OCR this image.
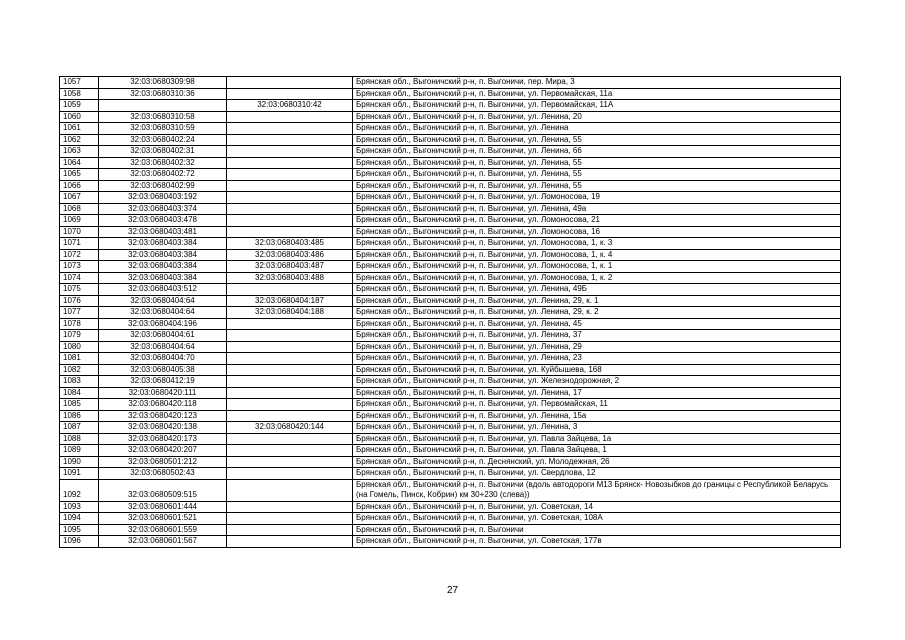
1057	32:03:0680309:98		Брянская обл., Выгоничский р-н, п. Выгоничи, пер. Мира, 3
1058	32:03:0680310:36		Брянская обл., Выгоничский р-н, п. Выгоничи, ул. Первомайская, 11а
1059		32:03:0680310:42	Брянская обл., Выгоничский р-н, п. Выгоничи, ул. Первомайская, 11А
1060	32:03:0680310:58		Брянская обл., Выгоничский р-н, п. Выгоничи, ул. Ленина, 20
1061	32:03:0680310:59		Брянская обл., Выгоничский р-н, п. Выгоничи, ул. Ленина
1062	32:03:0680402:24		Брянская обл., Выгоничский р-н, п. Выгоничи, ул. Ленина, 55
1063	32:03:0680402:31		Брянская обл., Выгоничский р-н, п. Выгоничи, ул. Ленина, 66
1064	32:03:0680402:32		Брянская обл., Выгоничский р-н, п. Выгоничи, ул. Ленина, 55
1065	32:03:0680402:72		Брянская обл., Выгоничский р-н, п. Выгоничи, ул. Ленина, 55
1066	32:03:0680402:99		Брянская обл., Выгоничский р-н, п. Выгоничи, ул. Ленина, 55
1067	32:03:0680403:192		Брянская обл., Выгоничский р-н, п. Выгоничи, ул. Ломоносова, 19
1068	32:03:0680403:374		Брянская обл., Выгоничский р-н, п. Выгоничи, ул. Ленина, 49а
1069	32:03:0680403:478		Брянская обл., Выгоничский р-н, п. Выгоничи, ул. Ломоносова, 21
1070	32:03:0680403:481		Брянская обл., Выгоничский р-н, п. Выгоничи, ул. Ломоносова, 16
1071	32:03:0680403:384	32:03:0680403:485	Брянская обл., Выгоничский р-н, п. Выгоничи, ул. Ломоносова, 1, к. 3
1072	32:03:0680403:384	32:03:0680403:486	Брянская обл., Выгоничский р-н, п. Выгоничи, ул. Ломоносова, 1, к. 4
1073	32:03:0680403:384	32:03:0680403:487	Брянская обл., Выгоничский р-н, п. Выгоничи, ул. Ломоносова, 1, к. 1
1074	32:03:0680403:384	32:03:0680403:488	Брянская обл., Выгоничский р-н, п. Выгоничи, ул. Ломоносова, 1, к. 2
1075	32:03:0680403:512		Брянская обл., Выгоничский р-н, п. Выгоничи, ул. Ленина, 49Б
1076	32:03:0680404:64	32:03:0680404:187	Брянская обл., Выгоничский р-н, п. Выгоничи, ул. Ленина, 29, к. 1
1077	32:03:0680404:64	32:03:0680404:188	Брянская обл., Выгоничский р-н, п. Выгоничи, ул. Ленина, 29, к. 2
1078	32:03:0680404:196		Брянская обл., Выгоничский р-н, п. Выгоничи, ул. Ленина, 45
1079	32:03:0680404:61		Брянская обл., Выгоничский р-н, п. Выгоничи, ул. Ленина, 37
1080	32:03:0680404:64		Брянская обл., Выгоничский р-н, п. Выгоничи, ул. Ленина, 29
1081	32:03:0680404:70		Брянская обл., Выгоничский р-н, п. Выгоничи, ул. Ленина, 23
1082	32:03:0680405:38		Брянская обл., Выгоничский р-н, п. Выгоничи, ул. Куйбышева, 168
1083	32:03:0680412:19		Брянская обл., Выгоничский р-н, п. Выгоничи, ул. Железнодорожная, 2
1084	32:03:0680420:111		Брянская обл., Выгоничский р-н, п. Выгоничи, ул. Ленина, 17
1085	32:03:0680420:118		Брянская обл., Выгоничский р-н, п. Выгоничи, ул. Первомайская, 11
1086	32:03:0680420:123		Брянская обл., Выгоничский р-н, п. Выгоничи, ул. Ленина, 15а
1087	32:03:0680420:138	32:03:0680420:144	Брянская обл., Выгоничский р-н, п. Выгоничи, ул. Ленина, 3
1088	32:03:0680420:173		Брянская обл., Выгоничский р-н, п. Выгоничи, ул. Павла Зайцева, 1а
1089	32:03:0680420:207		Брянская обл., Выгоничский р-н, п. Выгоничи, ул. Павла Зайцева, 1
1090	32:03:0680501:212		Брянская обл., Выгоничский р-н, п. Деснянский, ул. Молодежная, 26
1091	32:03:0680502:43		Брянская обл., Выгоничский р-н, п. Выгоничи, ул. Свердлова, 12
1092	32:03:0680509:515		Брянская обл., Выгоничский р-н, п. Выгоничи (вдоль автодороги М13 Брянск- Новозыбков до границы с Республикой Беларусь (на Гомель, Пинск, Кобрин) км 30+230 (слева))
1093	32:03:0680601:444		Брянская обл., Выгоничский р-н, п. Выгоничи, ул. Советская, 14
1094	32:03:0680601:521		Брянская обл., Выгоничский р-н, п. Выгоничи, ул. Советская, 108А
1095	32:03:0680601:559		Брянская обл., Выгоничский р-н, п. Выгоничи
1096	32:03:0680601:567		Брянская обл., Выгоничский р-н, п. Выгоничи, ул. Советская, 177в
27
